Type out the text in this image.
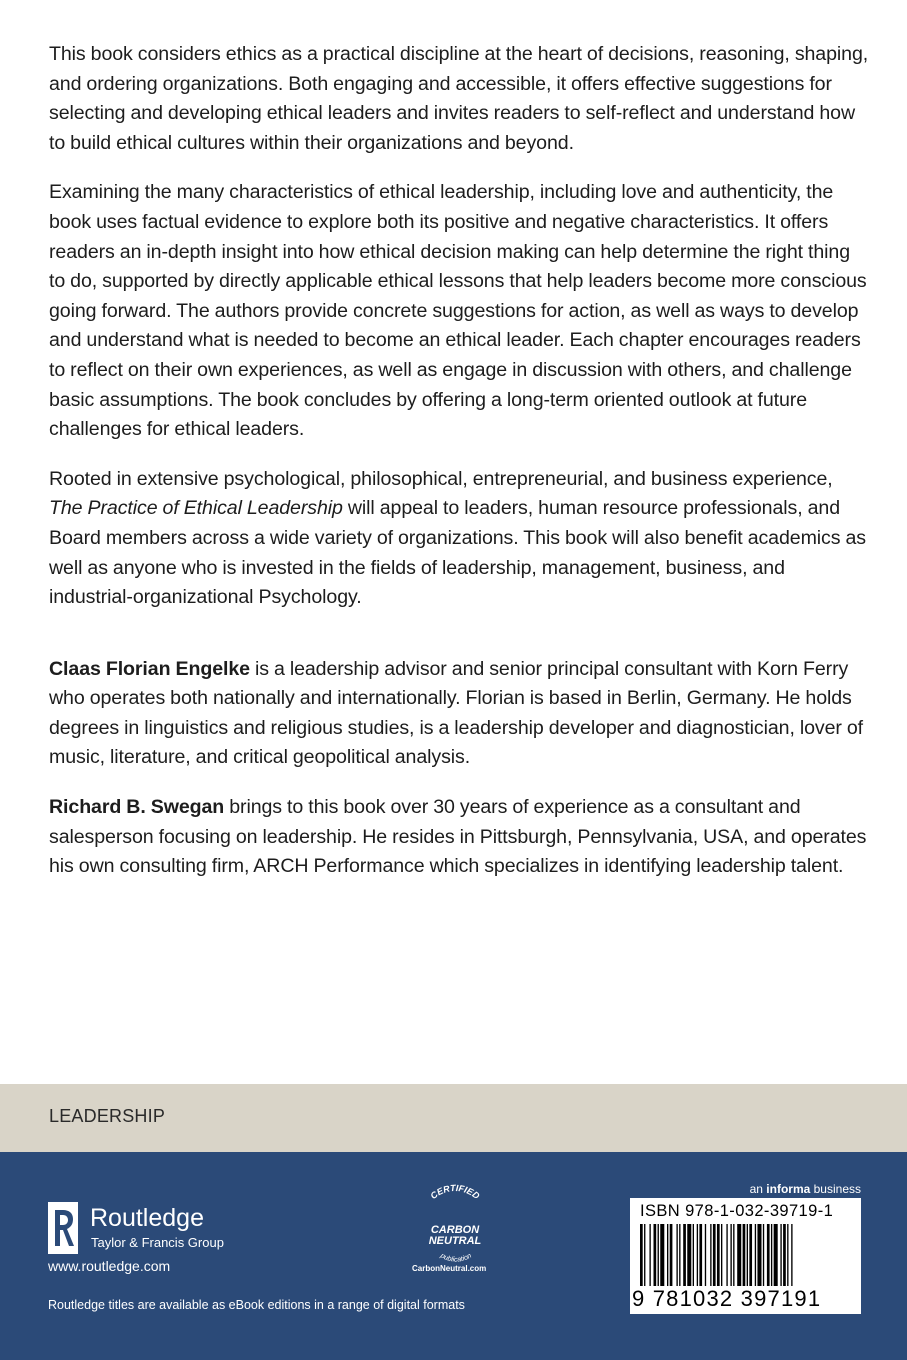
This book considers ethics as a practical discipline at the heart of decisions, reasoning, shaping, and ordering organizations. Both engaging and accessible, it offers effective suggestions for selecting and developing ethical leaders and invites readers to self-reflect and understand how to build ethical cultures within their organizations and beyond.

Examining the many characteristics of ethical leadership, including love and authenticity, the book uses factual evidence to explore both its positive and negative characteristics. It offers readers an in-depth insight into how ethical decision making can help determine the right thing to do, supported by directly applicable ethical lessons that help leaders become more conscious going forward. The authors provide concrete suggestions for action, as well as ways to develop and understand what is needed to become an ethical leader. Each chapter encourages readers to reflect on their own experiences, as well as engage in discussion with others, and challenge basic assumptions. The book concludes by offering a long-term oriented outlook at future challenges for ethical leaders.

Rooted in extensive psychological, philosophical, entrepreneurial, and business experience, The Practice of Ethical Leadership will appeal to leaders, human resource professionals, and Board members across a wide variety of organizations. This book will also benefit academics as well as anyone who is invested in the fields of leadership, management, business, and industrial-organizational Psychology.

Claas Florian Engelke is a leadership advisor and senior principal consultant with Korn Ferry who operates both nationally and internationally. Florian is based in Berlin, Germany. He holds degrees in linguistics and religious studies, is a leadership developer and diagnostician, lover of music, literature, and critical geopolitical analysis.

Richard B. Swegan brings to this book over 30 years of experience as a consultant and salesperson focusing on leadership. He resides in Pittsburgh, Pennsylvania, USA, and operates his own consulting firm, ARCH Performance which specializes in identifying leadership talent.

LEADERSHIP
Routledge
Taylor & Francis Group
www.routledge.com
Routledge titles are available as eBook editions in a range of digital formats
CERTIFIED
CARBON
NEUTRAL
publication
CarbonNeutral.com
an informa business
ISBN 978-1-032-39719-1
9 781032 397191
